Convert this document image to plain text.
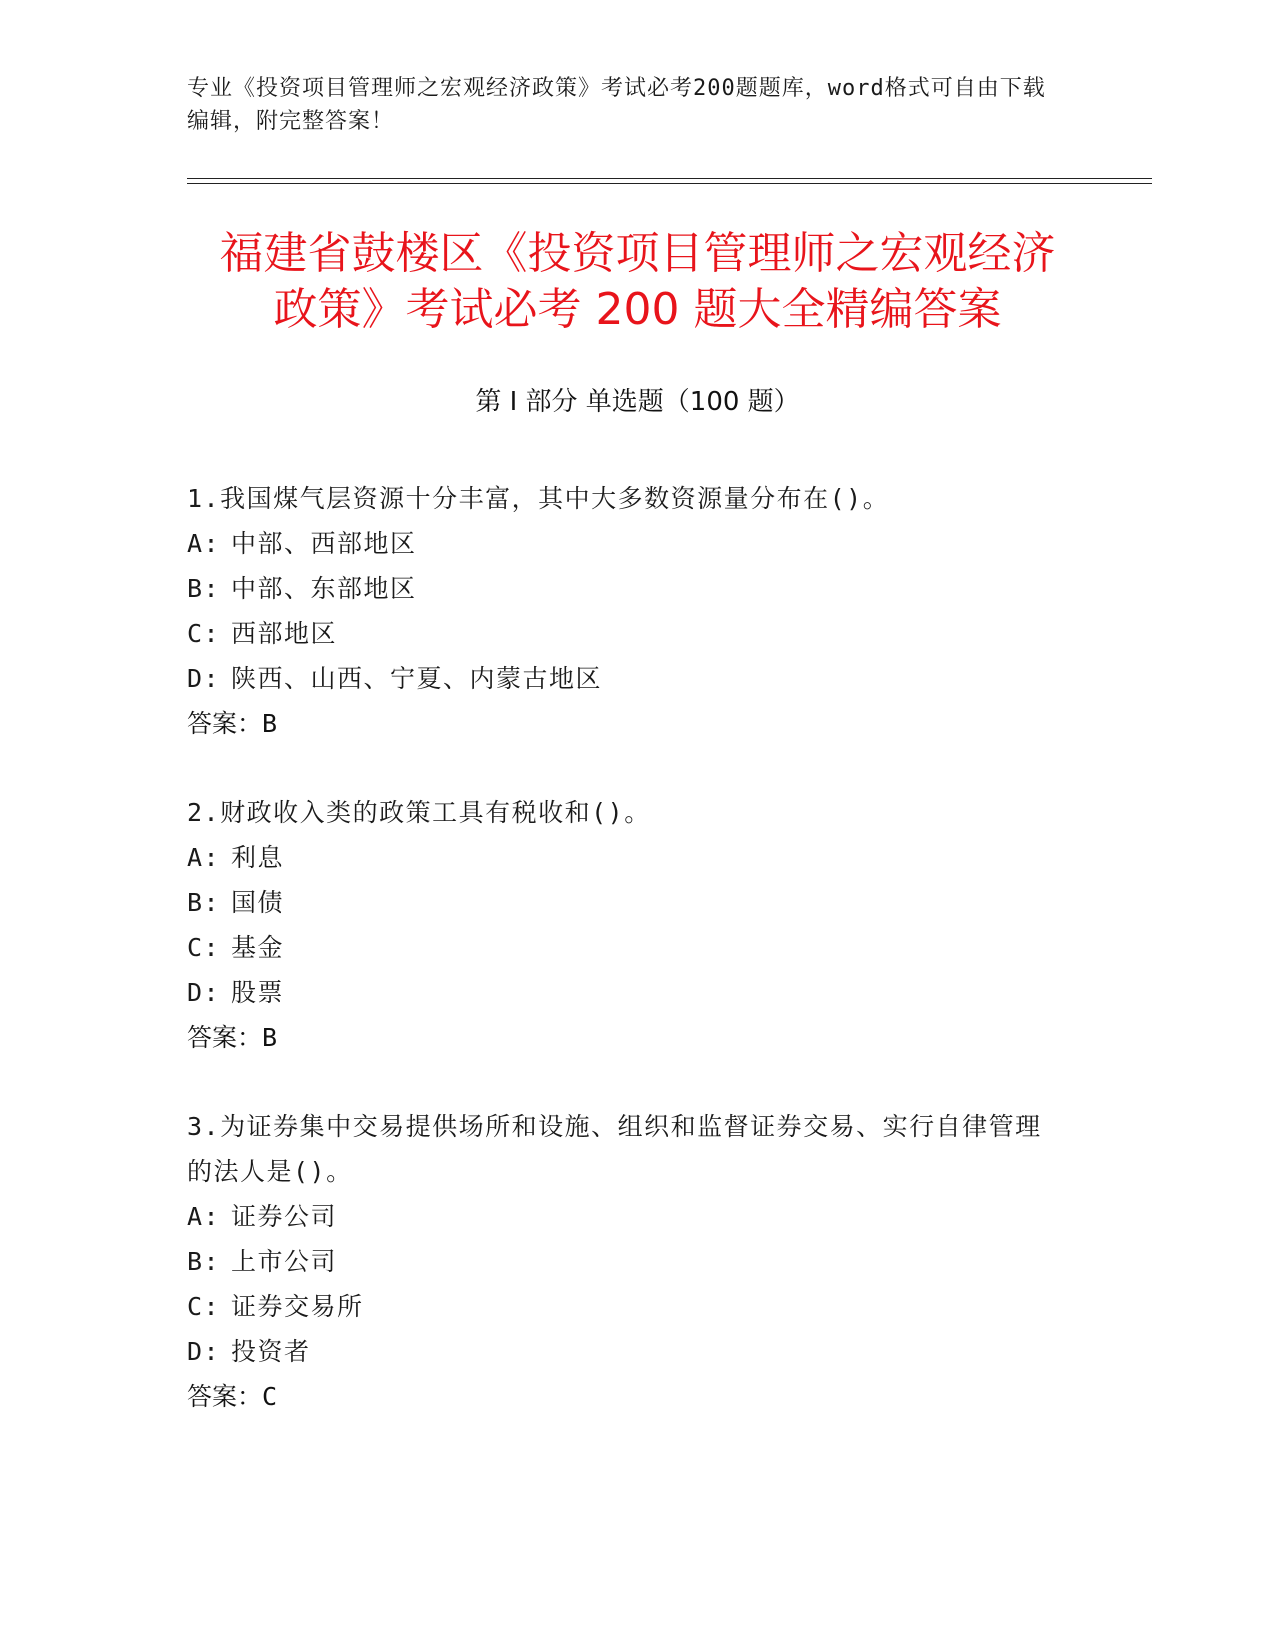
专业《投资项目管理师之宏观经济政策》考试必考200题题库，word格式可自由下载编辑，附完整答案！
福建省鼓楼区《投资项目管理师之宏观经济
政策》考试必考 200 题大全精编答案
第 I 部分 单选题（100 题）
1.我国煤气层资源十分丰富，其中大多数资源量分布在()。
A: 中部、西部地区
B: 中部、东部地区
C: 西部地区
D: 陕西、山西、宁夏、内蒙古地区
答案：B
2.财政收入类的政策工具有税收和()。
A: 利息
B: 国债
C: 基金
D: 股票
答案：B
3.为证券集中交易提供场所和设施、组织和监督证券交易、实行自律管理的法人是()。
A: 证券公司
B: 上市公司
C: 证券交易所
D: 投资者
答案：C
